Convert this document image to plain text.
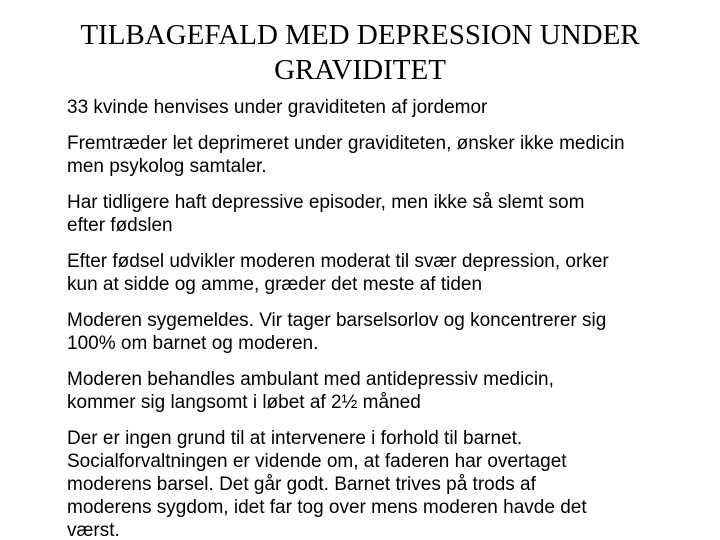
TILBAGEFALD MED DEPRESSION UNDER
GRAVIDITET
33 kvinde henvises under graviditeten af jordemor
Fremtræder let deprimeret under graviditeten, ønsker ikke medicin
men psykolog samtaler.
Har tidligere haft depressive episoder, men ikke så slemt som
efter fødslen
Efter fødsel udvikler moderen moderat til svær depression, orker
kun at sidde og amme, græder det meste af tiden
Moderen sygemeldes. Vir tager barselsorlov og koncentrerer sig
100% om barnet og moderen.
Moderen behandles ambulant med antidepressiv medicin,
kommer sig langsomt i løbet af 2½ måned
Der er ingen grund til at intervenere i forhold til barnet.
Socialforvaltningen er vidende om, at faderen har overtaget
moderens barsel. Det går godt. Barnet trives på trods af
moderens sygdom, idet far tog over mens moderen havde det
værst.
